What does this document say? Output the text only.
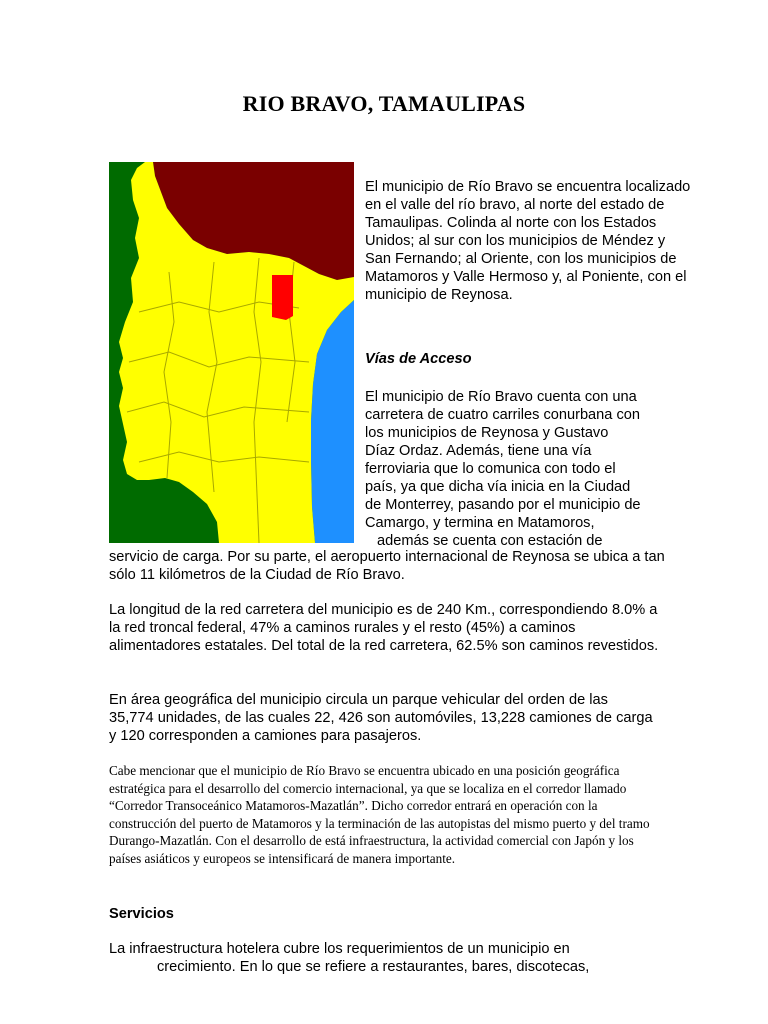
RIO BRAVO, TAMAULIPAS

El municipio de Río Bravo se encuentra localizado en el valle del río bravo, al norte del estado de Tamaulipas. Colinda al norte con los Estados Unidos; al sur con los municipios de Méndez y San Fernando; al Oriente, con los municipios de Matamoros y Valle Hermoso y, al Poniente, con el municipio de Reynosa.

Vías de Acceso

El municipio de Río Bravo cuenta con una
carretera de cuatro carriles conurbana con
los municipios de Reynosa y Gustavo
Díaz Ordaz. Además, tiene una vía
ferroviaria que lo comunica con todo el
país, ya que dicha vía inicia en la Ciudad
de Monterrey, pasando por el municipio de
Camargo, y termina en Matamoros,
además se cuenta con estación de

servicio de carga. Por su parte, el aeropuerto internacional de Reynosa se ubica a tan sólo 11 kilómetros de la Ciudad de Río Bravo.

La longitud de la red carretera del municipio es de 240 Km., correspondiendo 8.0% a la red troncal federal, 47% a caminos rurales y el resto (45%) a caminos alimentadores estatales. Del total de la red carretera, 62.5% son caminos revestidos.

En área geográfica del municipio circula un parque vehicular del orden de las 35,774 unidades, de las cuales 22, 426 son automóviles, 13,228 camiones de carga y 120 corresponden a camiones para pasajeros.

Cabe mencionar que el municipio de Río Bravo se encuentra ubicado en una posición geográfica estratégica para el desarrollo del comercio internacional, ya que se localiza en el corredor llamado “Corredor Transoceánico Matamoros-Mazatlán”. Dicho corredor entrará en operación con la construcción del puerto de Matamoros y la terminación de las autopistas del mismo puerto y del tramo Durango-Mazatlán. Con el desarrollo de está infraestructura, la actividad comercial con Japón y los países asiáticos y europeos se intensificará de manera importante.

Servicios

La infraestructura hotelera cubre los requerimientos de un municipio en
crecimiento. En lo que se refiere a restaurantes, bares, discotecas,
